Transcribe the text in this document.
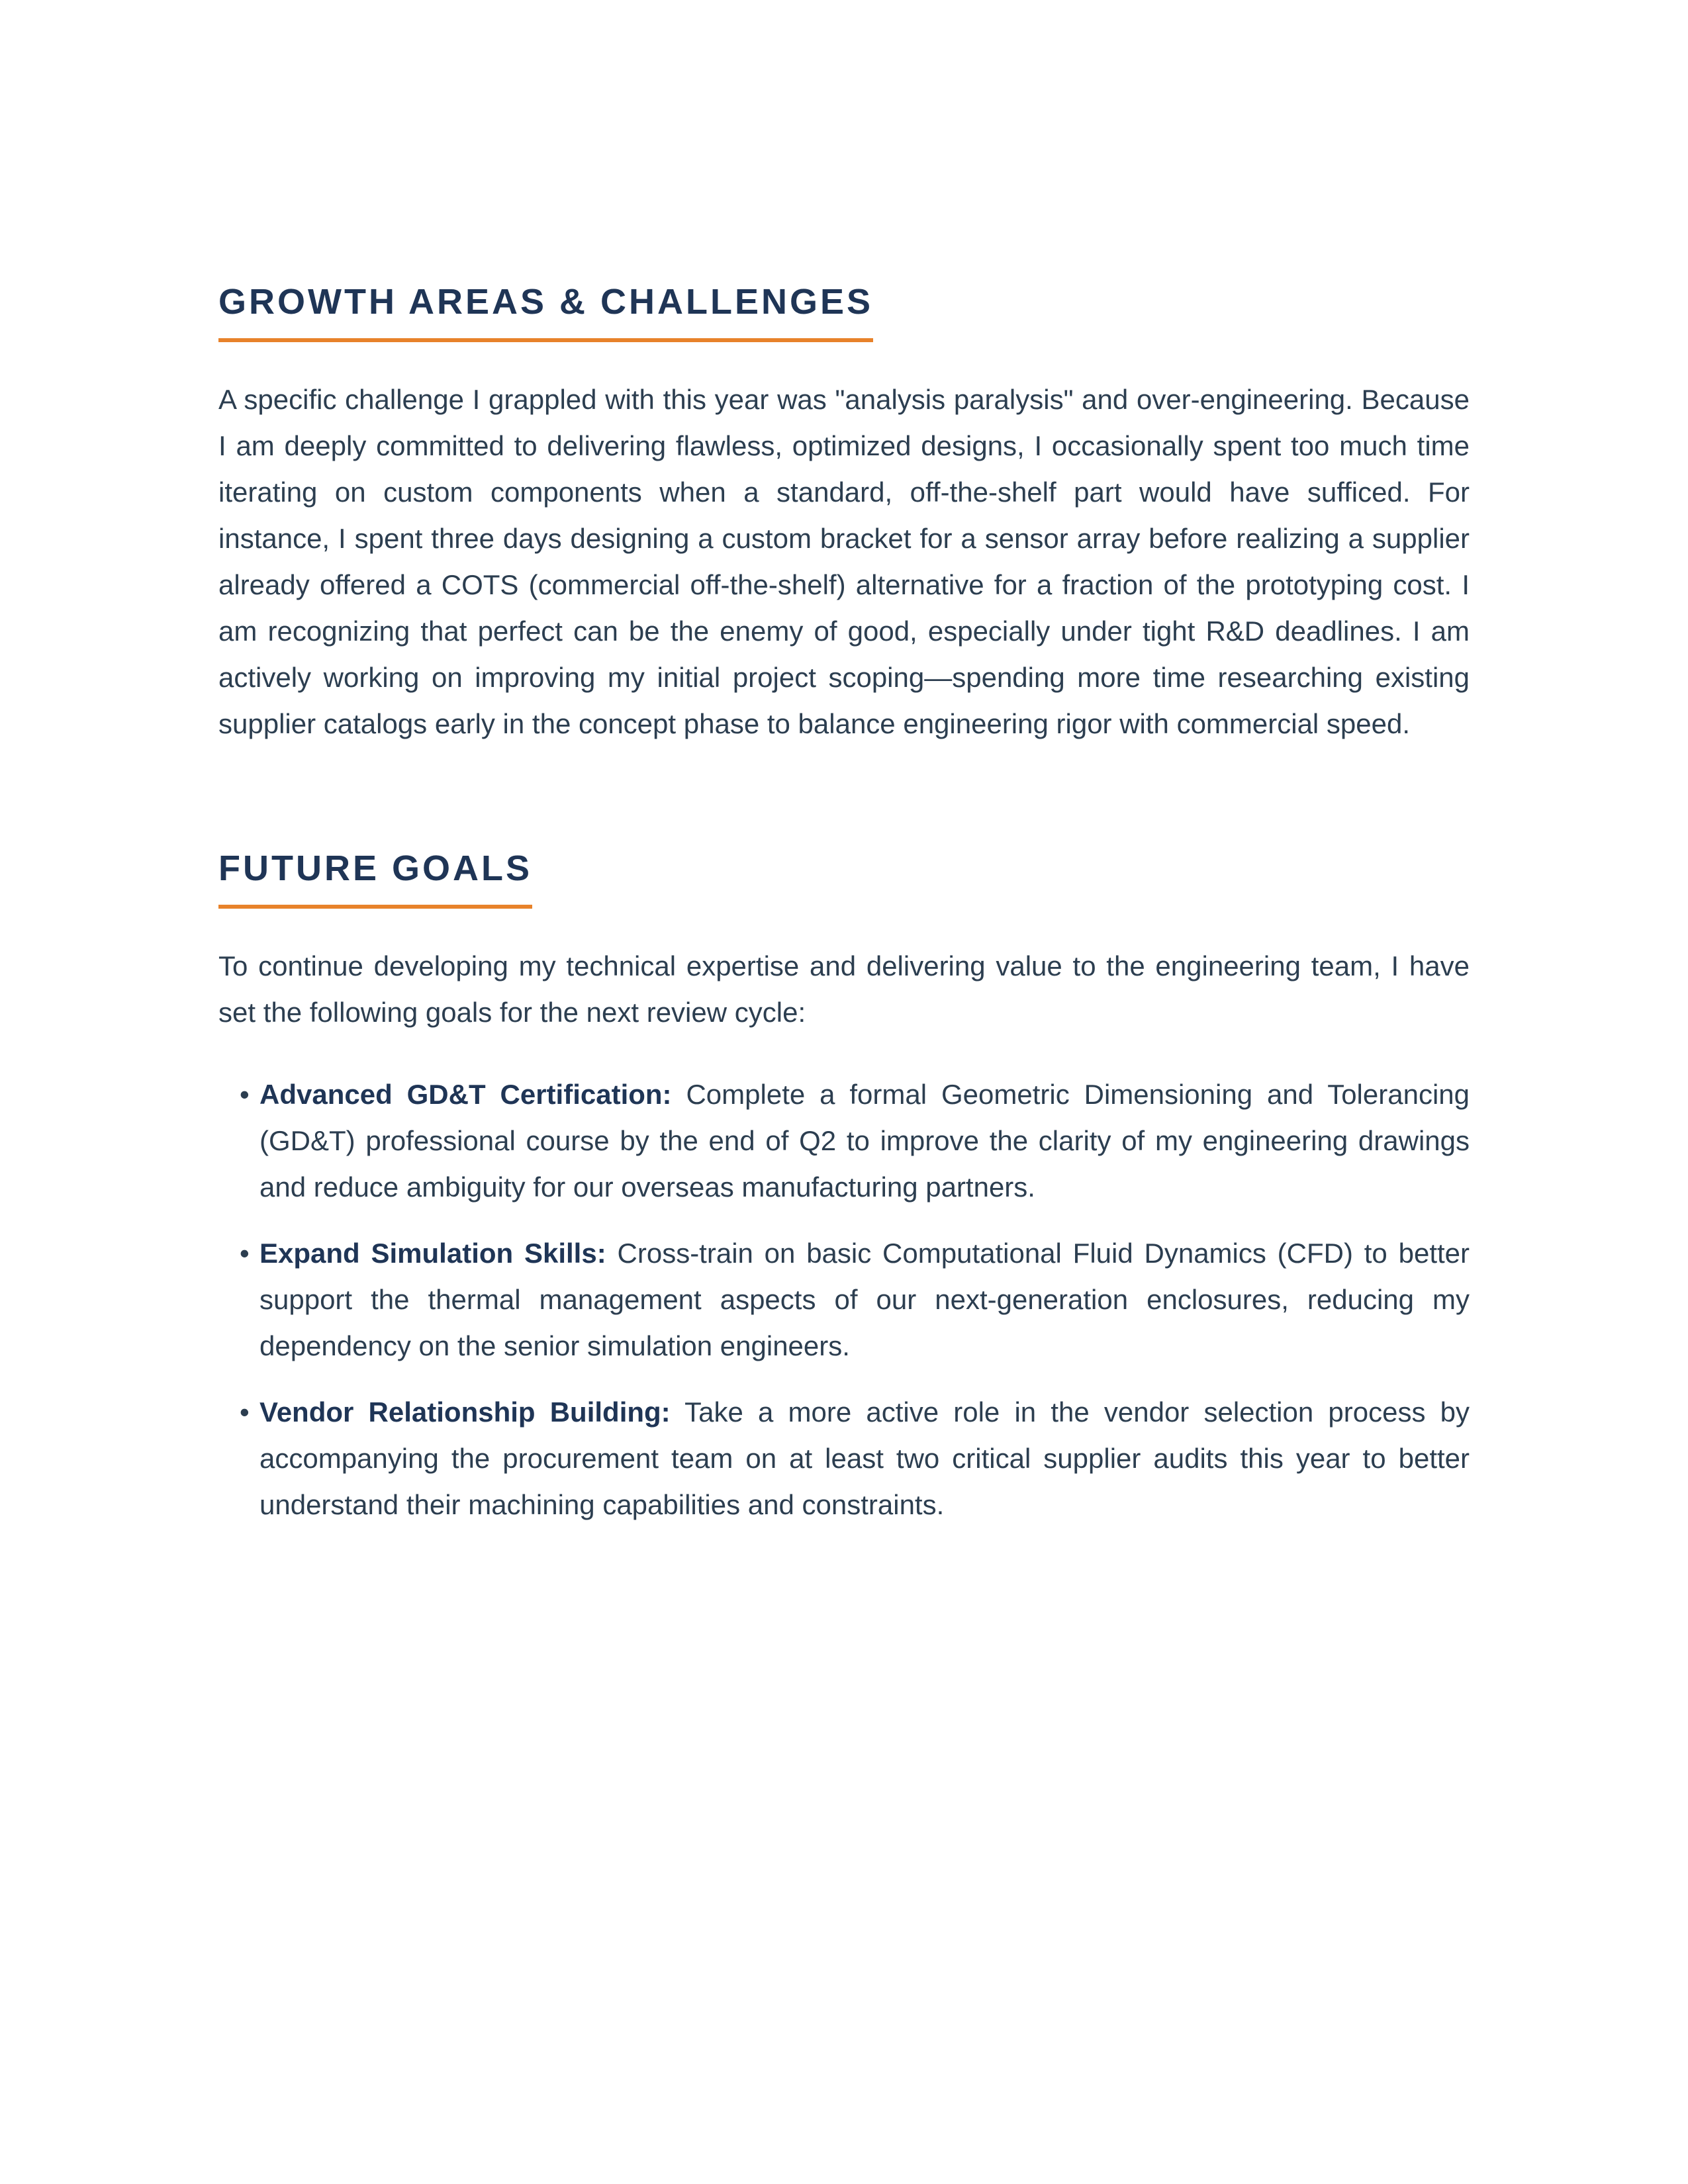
GROWTH AREAS & CHALLENGES

A specific challenge I grappled with this year was "analysis paralysis" and over-engineering. Because I am deeply committed to delivering flawless, optimized designs, I occasionally spent too much time iterating on custom components when a standard, off-the-shelf part would have sufficed. For instance, I spent three days designing a custom bracket for a sensor array before realizing a supplier already offered a COTS (commercial off-the-shelf) alternative for a fraction of the prototyping cost. I am recognizing that perfect can be the enemy of good, especially under tight R&D deadlines. I am actively working on improving my initial project scoping—spending more time researching existing supplier catalogs early in the concept phase to balance engineering rigor with commercial speed.

FUTURE GOALS

To continue developing my technical expertise and delivering value to the engineering team, I have set the following goals for the next review cycle:

• Advanced GD&T Certification: Complete a formal Geometric Dimensioning and Tolerancing (GD&T) professional course by the end of Q2 to improve the clarity of my engineering drawings and reduce ambiguity for our overseas manufacturing partners.
• Expand Simulation Skills: Cross-train on basic Computational Fluid Dynamics (CFD) to better support the thermal management aspects of our next-generation enclosures, reducing my dependency on the senior simulation engineers.
• Vendor Relationship Building: Take a more active role in the vendor selection process by accompanying the procurement team on at least two critical supplier audits this year to better understand their machining capabilities and constraints.
